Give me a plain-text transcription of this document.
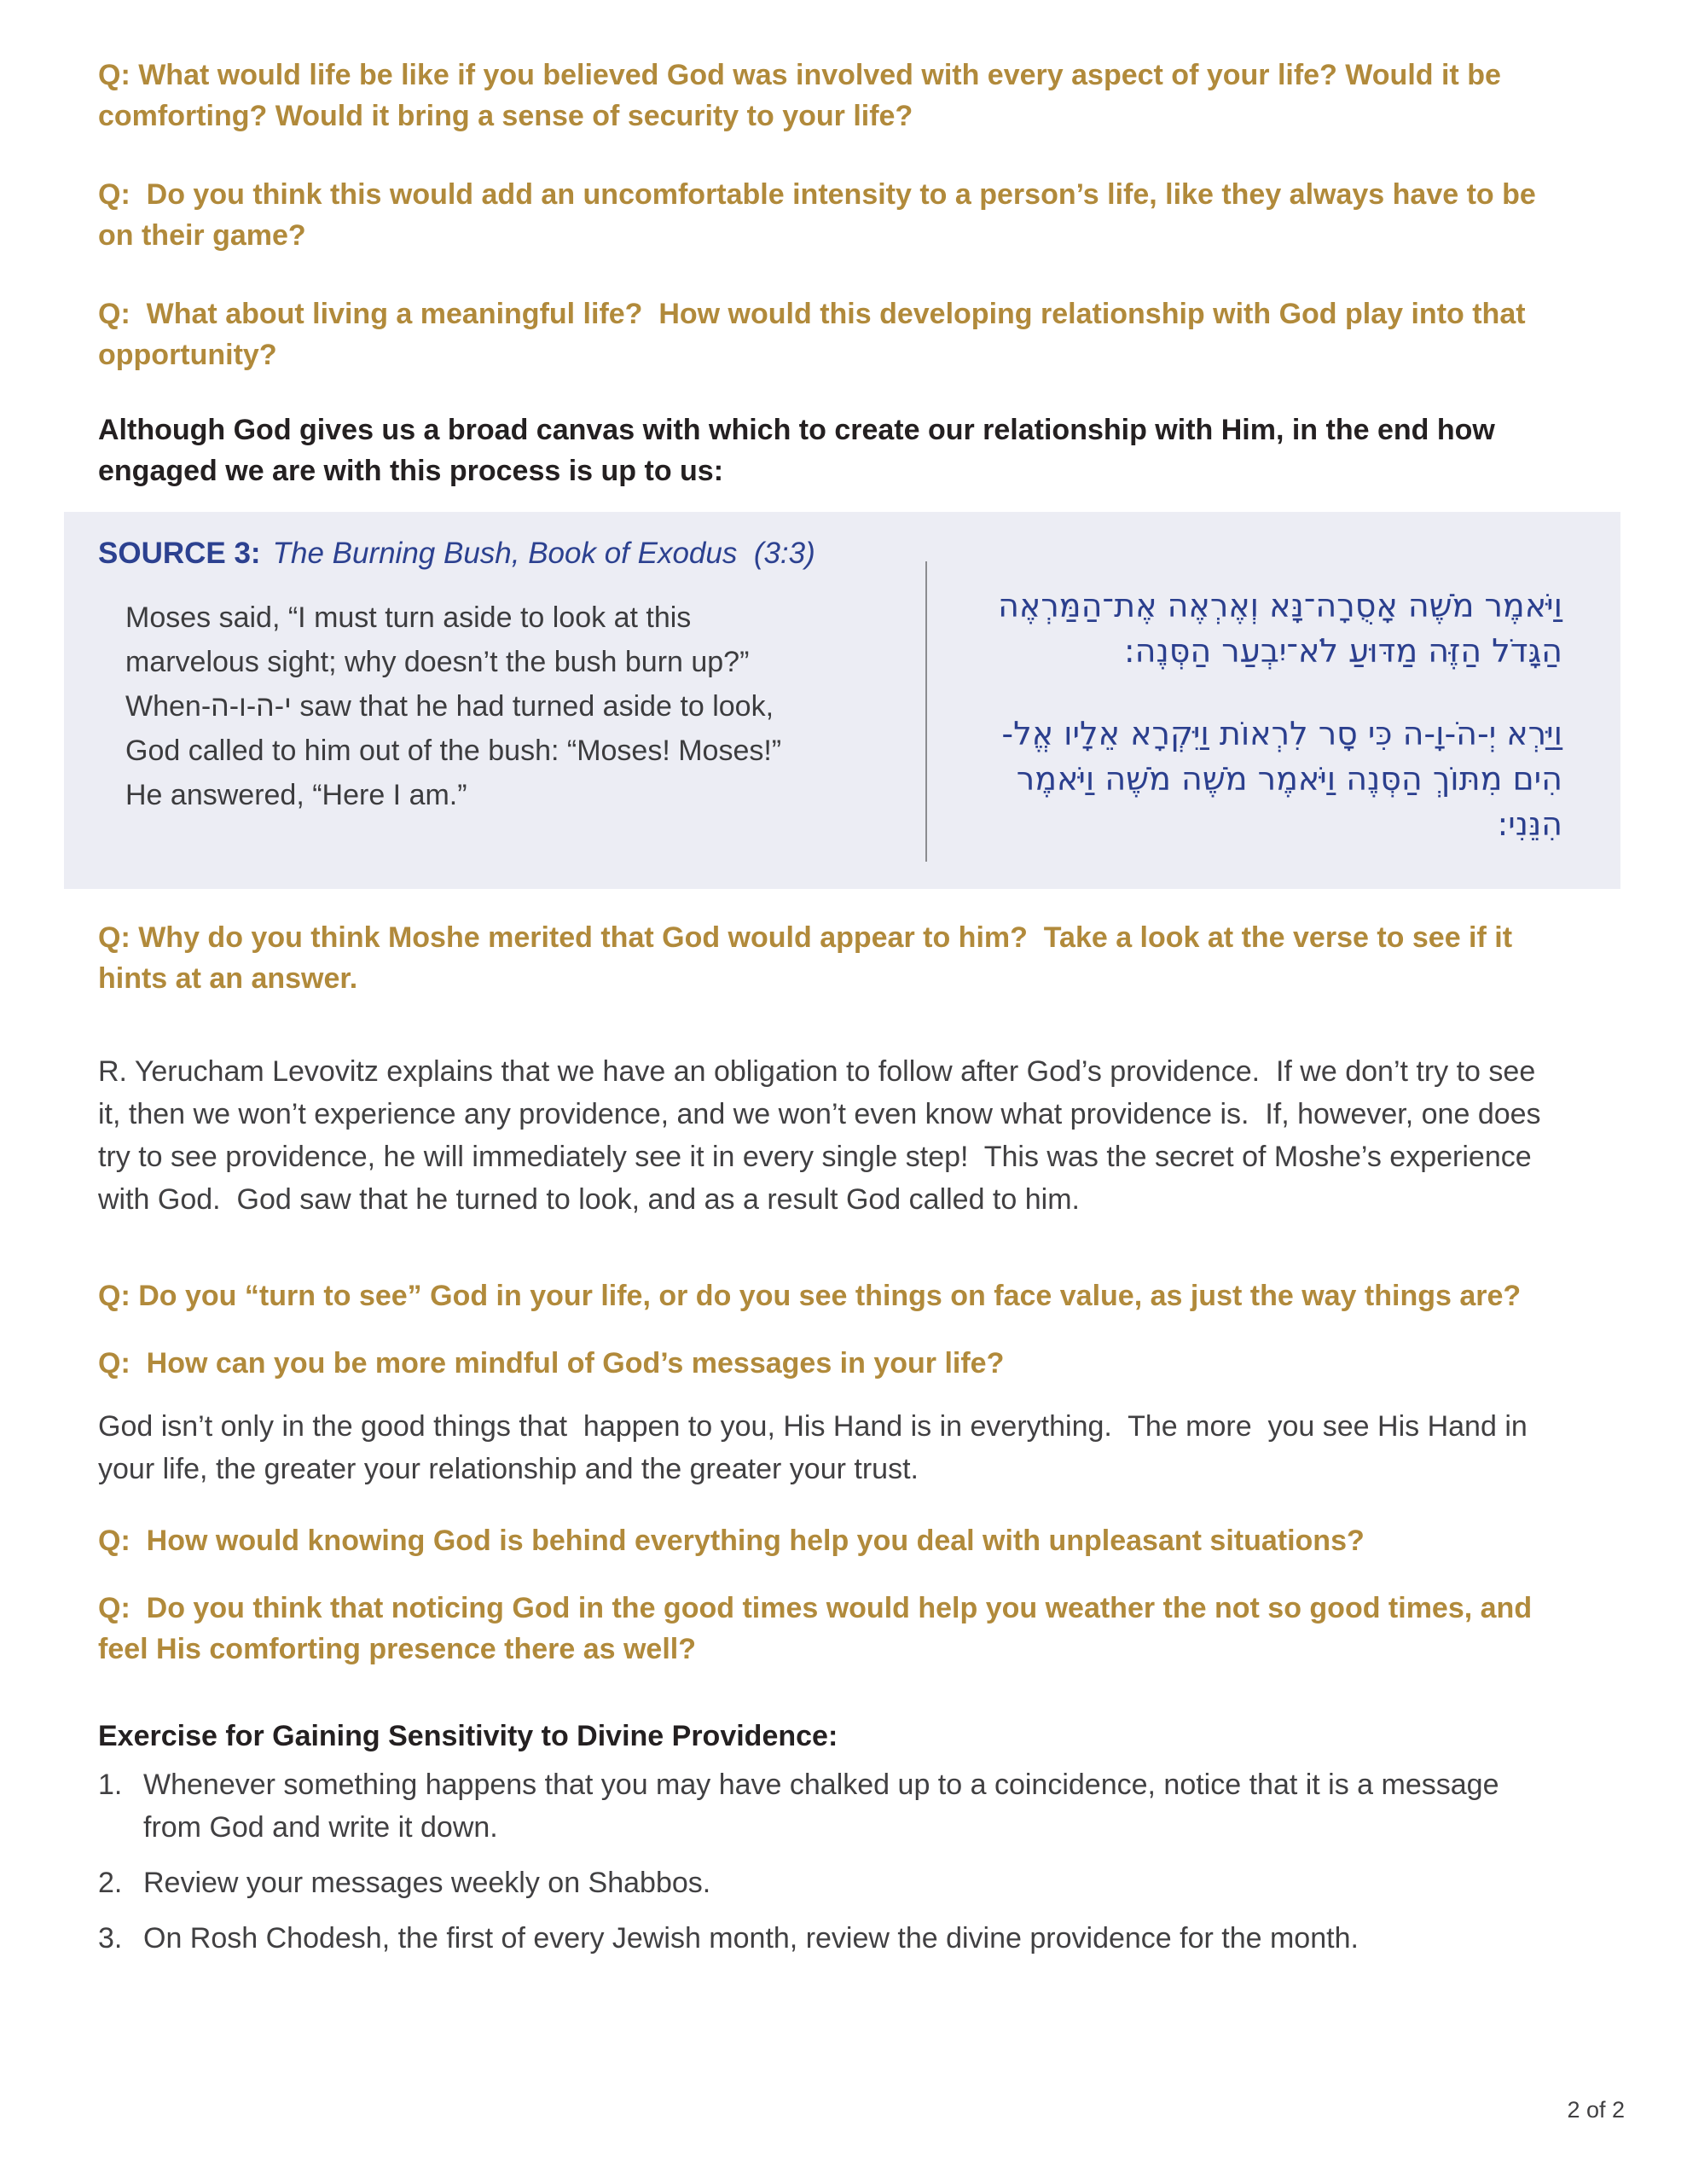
Q: What would life be like if you believed God was involved with every aspect of your life? Would it be comforting? Would it bring a sense of security to your life?
Q:  Do you think this would add an uncomfortable intensity to a person’s life, like they always have to be on their game?
Q:  What about living a meaningful life?  How would this developing relationship with God play into that opportunity?
Although God gives us a broad canvas with which to create our relationship with Him, in the end how engaged we are with this process is up to us:
SOURCE 3: The Burning Bush, Book of Exodus  (3:3)
Moses said, “I must turn aside to look at this
marvelous sight; why doesn’t the bush burn up?”
When-י-ה-ו-ה saw that he had turned aside to look,
God called to him out of the bush: “Moses! Moses!”
He answered, “Here I am.”
וַיֹּאמֶר מֹשֶׁה אָסֻרָה־נָּא וְאֶרְאֶה אֶת־הַמַּרְאֶה
הַגָּדֹל הַזֶּה מַדּוּעַ לֹא־יִבְעַר הַסְּנֶה:
וַיַּרְא יְ-הֹ-וָ-ה כִּי סָר לִרְאוֹת וַיִּקְרָא אֵלָיו אֱל-
הִים מִתּוֹךְ הַסְּנֶה וַיֹּאמֶר מֹשֶׁה מֹשֶׁה וַיֹּאמֶר
הִנֵּנִי:
Q: Why do you think Moshe merited that God would appear to him?  Take a look at the verse to see if it hints at an answer.
R. Yerucham Levovitz explains that we have an obligation to follow after God’s providence.  If we don’t try to see it, then we won’t experience any providence, and we won’t even know what providence is.  If, however, one does try to see providence, he will immediately see it in every single step!  This was the secret of Moshe’s experience with God.  God saw that he turned to look, and as a result God called to him.
Q: Do you “turn to see” God in your life, or do you see things on face value, as just the way things are?
Q:  How can you be more mindful of God’s messages in your life?
God isn’t only in the good things that  happen to you, His Hand is in everything.  The more  you see His Hand in your life, the greater your relationship and the greater your trust.
Q:  How would knowing God is behind everything help you deal with unpleasant situations?
Q:  Do you think that noticing God in the good times would help you weather the not so good times, and feel His comforting presence there as well?
Exercise for Gaining Sensitivity to Divine Providence:
1. Whenever something happens that you may have chalked up to a coincidence, notice that it is a message from God and write it down.
2. Review your messages weekly on Shabbos.
3. On Rosh Chodesh, the first of every Jewish month, review the divine providence for the month.
2 of 2
